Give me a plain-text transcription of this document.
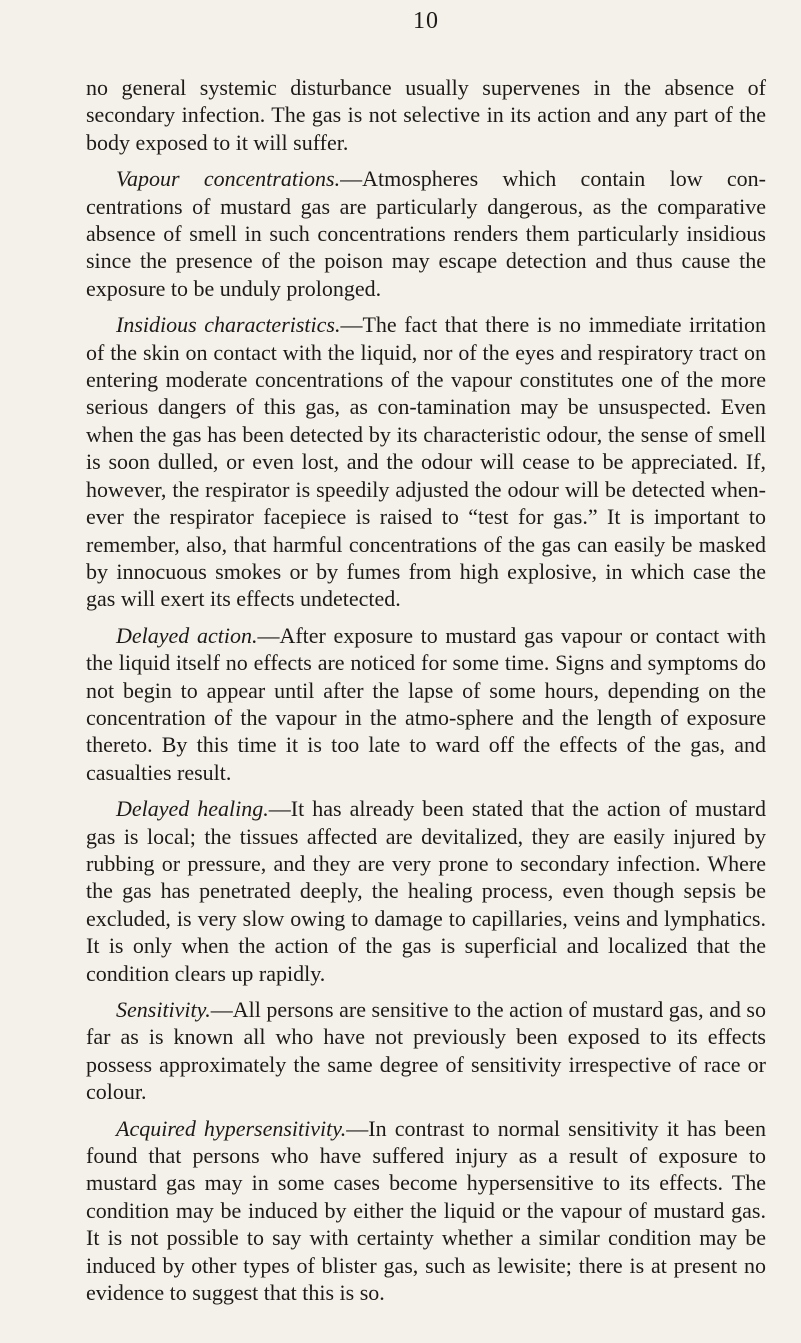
10

no general systemic disturbance usually supervenes in the absence of secondary infection. The gas is not selective in its action and any part of the body exposed to it will suffer.

Vapour concentrations.—Atmospheres which contain low con-centrations of mustard gas are particularly dangerous, as the comparative absence of smell in such concentrations renders them particularly insidious since the presence of the poison may escape detection and thus cause the exposure to be unduly prolonged.

Insidious characteristics.—The fact that there is no immediate irritation of the skin on contact with the liquid, nor of the eyes and respiratory tract on entering moderate concentrations of the vapour constitutes one of the more serious dangers of this gas, as con-tamination may be unsuspected. Even when the gas has been detected by its characteristic odour, the sense of smell is soon dulled, or even lost, and the odour will cease to be appreciated. If, however, the respirator is speedily adjusted the odour will be detected when-ever the respirator facepiece is raised to “test for gas.” It is important to remember, also, that harmful concentrations of the gas can easily be masked by innocuous smokes or by fumes from high explosive, in which case the gas will exert its effects undetected.

Delayed action.—After exposure to mustard gas vapour or contact with the liquid itself no effects are noticed for some time. Signs and symptoms do not begin to appear until after the lapse of some hours, depending on the concentration of the vapour in the atmo-sphere and the length of exposure thereto. By this time it is too late to ward off the effects of the gas, and casualties result.

Delayed healing.—It has already been stated that the action of mustard gas is local; the tissues affected are devitalized, they are easily injured by rubbing or pressure, and they are very prone to secondary infection. Where the gas has penetrated deeply, the healing process, even though sepsis be excluded, is very slow owing to damage to capillaries, veins and lymphatics. It is only when the action of the gas is superficial and localized that the condition clears up rapidly.

Sensitivity.—All persons are sensitive to the action of mustard gas, and so far as is known all who have not previously been exposed to its effects possess approximately the same degree of sensitivity irrespective of race or colour.

Acquired hypersensitivity.—In contrast to normal sensitivity it has been found that persons who have suffered injury as a result of exposure to mustard gas may in some cases become hypersensitive to its effects. The condition may be induced by either the liquid or the vapour of mustard gas. It is not possible to say with certainty whether a similar condition may be induced by other types of blister gas, such as lewisite; there is at present no evidence to suggest that this is so.
